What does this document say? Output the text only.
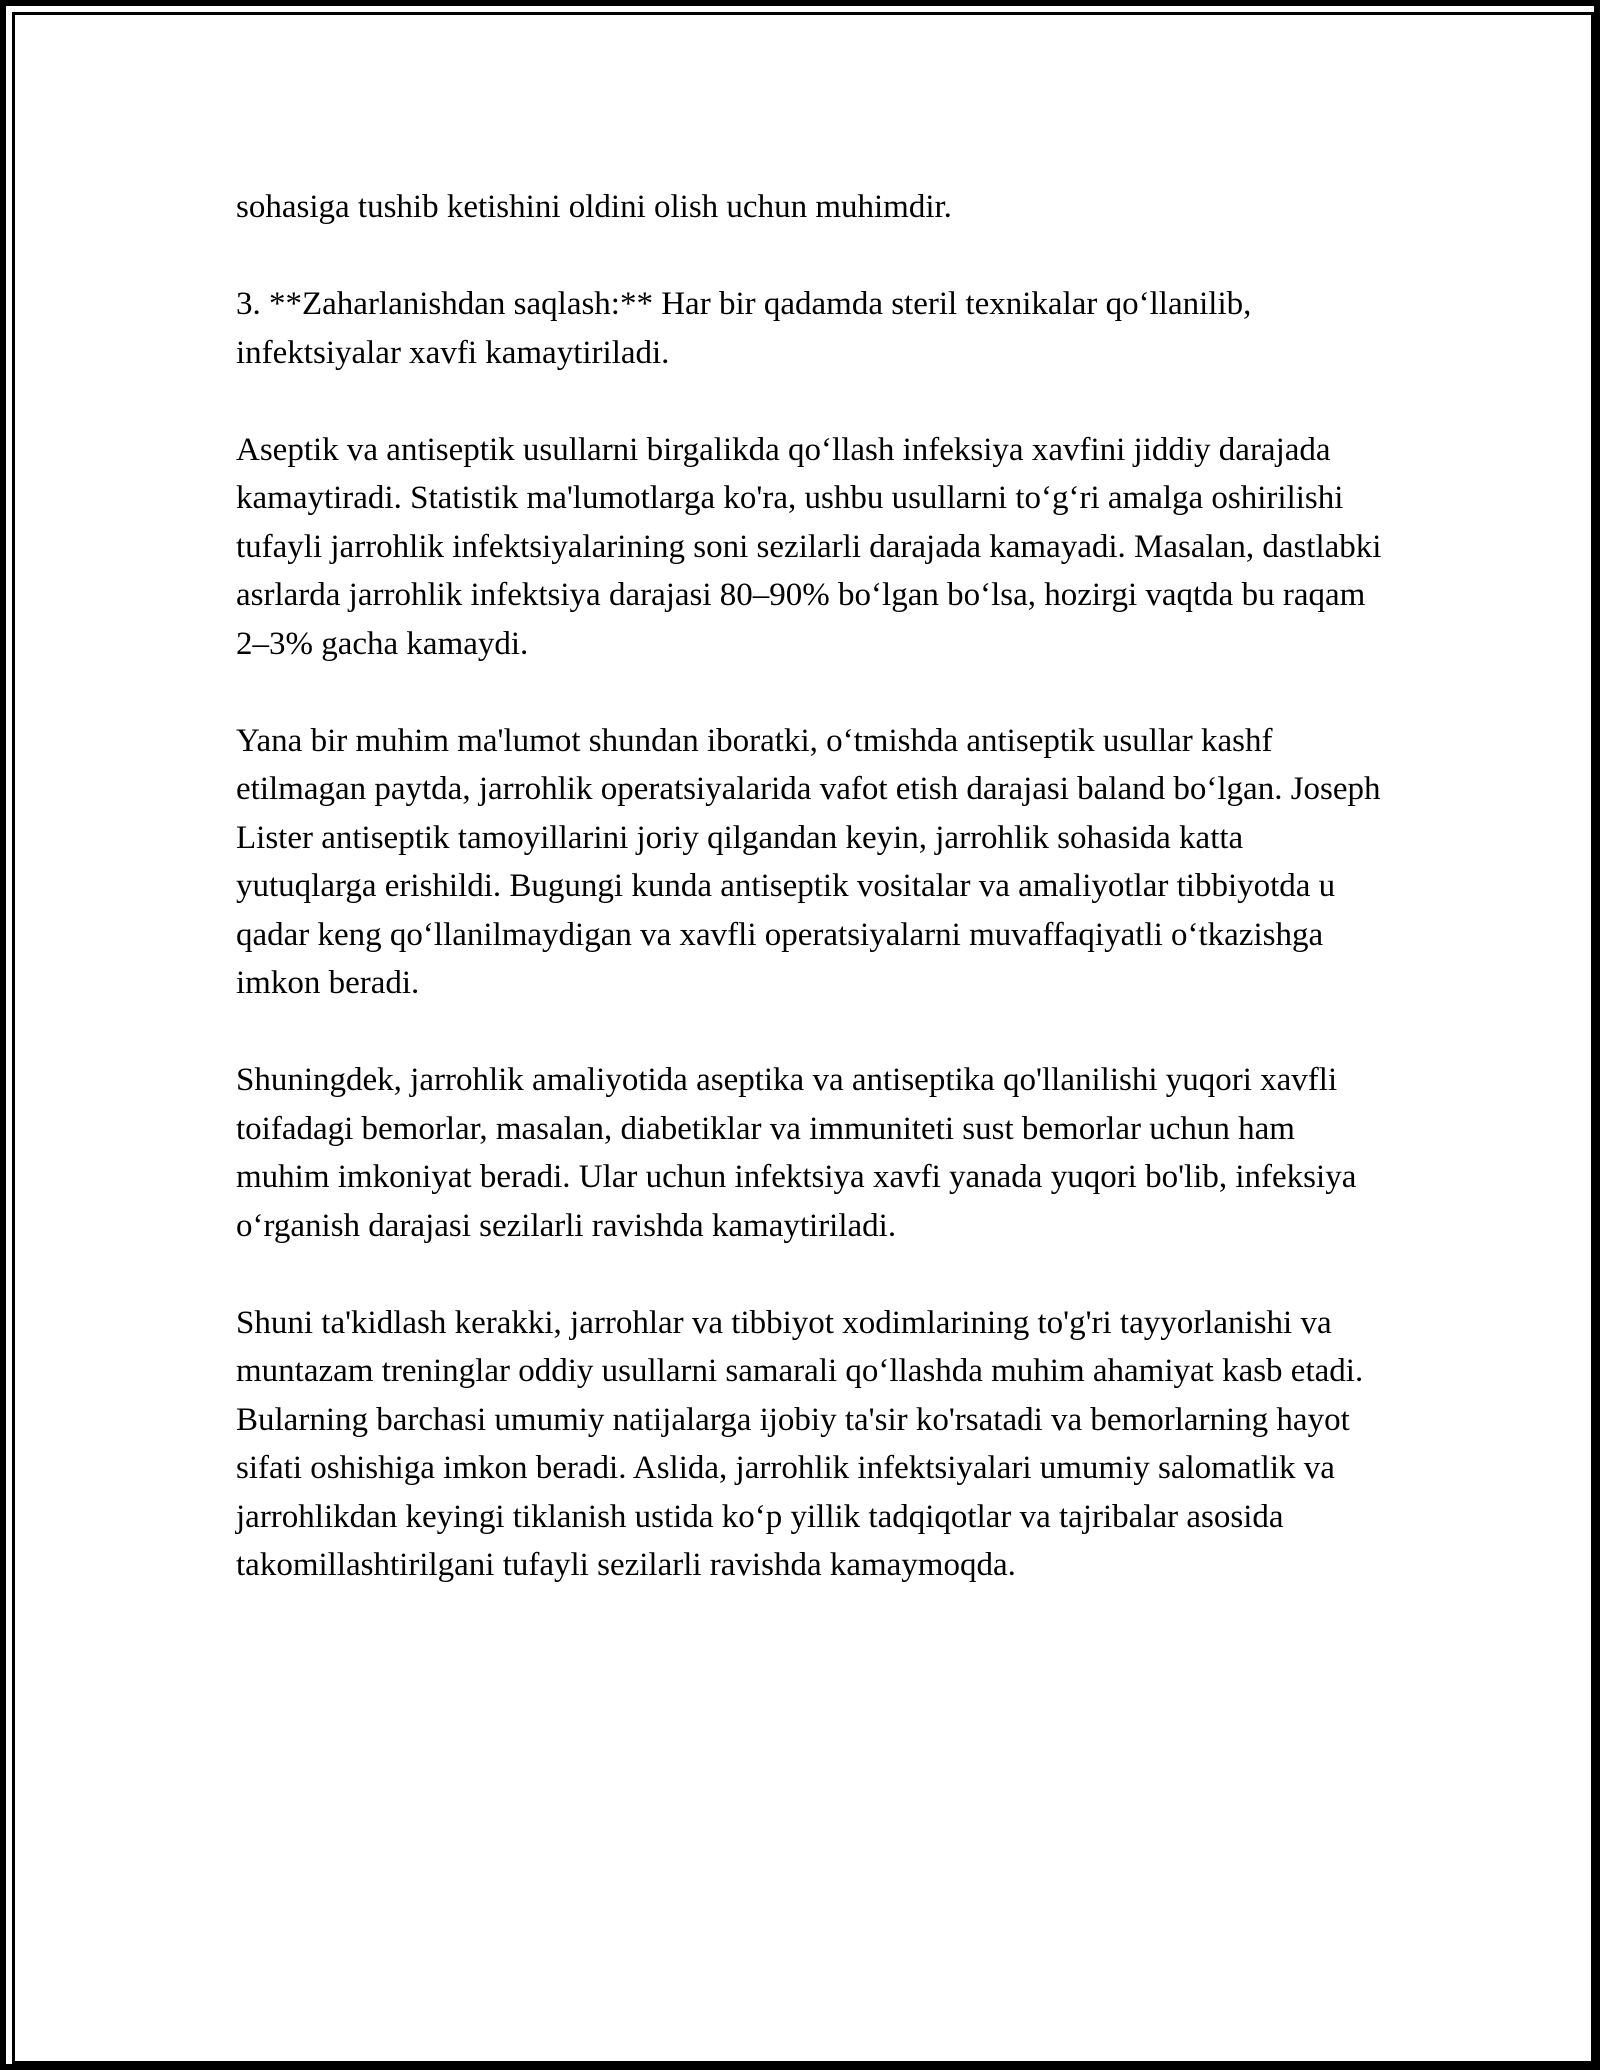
sohasiga tushib ketishini oldini olish uchun muhimdir.

3. **Zaharlanishdan saqlash:** Har bir qadamda steril texnikalar qo‘llanilib, infektsiyalar xavfi kamaytiriladi.

Aseptik va antiseptik usullarni birgalikda qo‘llash infeksiya xavfini jiddiy darajada kamaytiradi. Statistik ma'lumotlarga ko'ra, ushbu usullarni to‘g‘ri amalga oshirilishi tufayli jarrohlik infektsiyalarining soni sezilarli darajada kamayadi. Masalan, dastlabki asrlarda jarrohlik infektsiya darajasi 80–90% bo‘lgan bo‘lsa, hozirgi vaqtda bu raqam 2–3% gacha kamaydi.

Yana bir muhim ma'lumot shundan iboratki, o‘tmishda antiseptik usullar kashf etilmagan paytda, jarrohlik operatsiyalarida vafot etish darajasi baland bo‘lgan. Joseph Lister antiseptik tamoyillarini joriy qilgandan keyin, jarrohlik sohasida katta yutuqlarga erishildi. Bugungi kunda antiseptik vositalar va amaliyotlar tibbiyotda u qadar keng qo‘llanilmaydigan va xavfli operatsiyalarni muvaffaqiyatli o‘tkazishga imkon beradi.

Shuningdek, jarrohlik amaliyotida aseptika va antiseptika qo'llanilishi yuqori xavfli toifadagi bemorlar, masalan, diabetiklar va immuniteti sust bemorlar uchun ham muhim imkoniyat beradi. Ular uchun infektsiya xavfi yanada yuqori bo'lib, infeksiya o‘rganish darajasi sezilarli ravishda kamaytiriladi.

Shuni ta'kidlash kerakki, jarrohlar va tibbiyot xodimlarining to'g'ri tayyorlanishi va muntazam treninglar oddiy usullarni samarali qo‘llashda muhim ahamiyat kasb etadi. Bularning barchasi umumiy natijalarga ijobiy ta'sir ko'rsatadi va bemorlarning hayot sifati oshishiga imkon beradi. Aslida, jarrohlik infektsiyalari umumiy salomatlik va jarrohlikdan keyingi tiklanish ustida ko‘p yillik tadqiqotlar va tajribalar asosida takomillashtirilgani tufayli sezilarli ravishda kamaymoqda.
